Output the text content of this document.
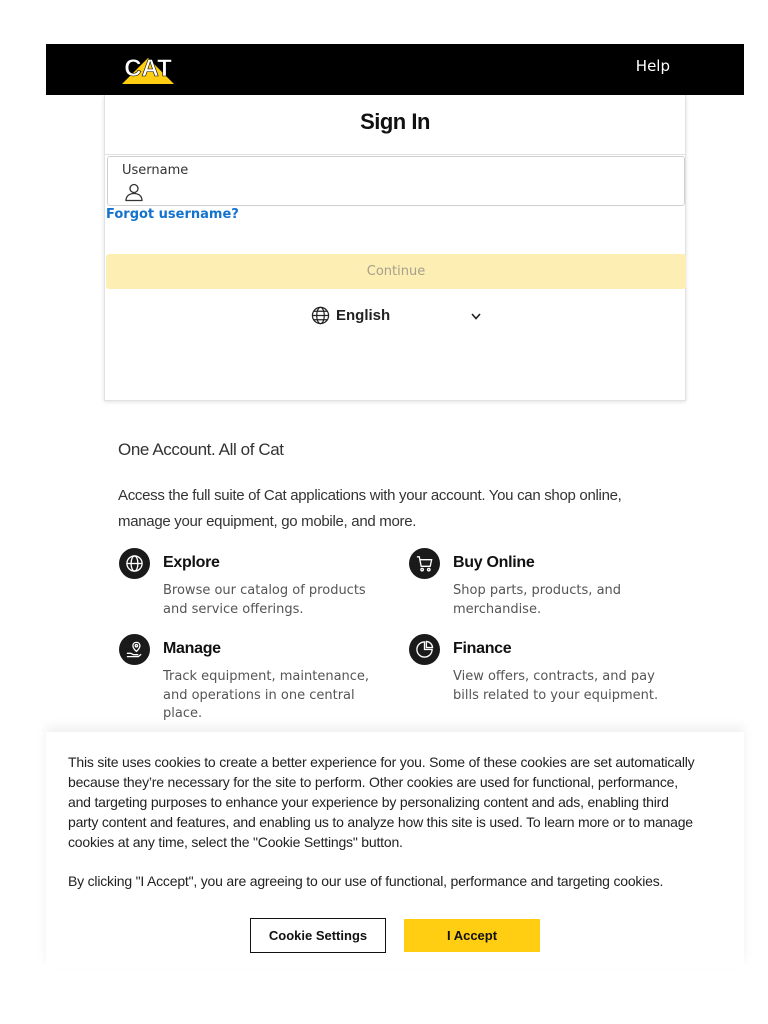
CAT	Help
Sign In
Username
Forgot username?
Continue
English
One Account. All of Cat
Access the full suite of Cat applications with your account. You can shop online, manage your equipment, go mobile, and more.
Explore
Browse our catalog of products and service offerings.
Buy Online
Shop parts, products, and merchandise.
Manage
Track equipment, maintenance, and operations in one central place.
Finance
View offers, contracts, and pay bills related to your equipment.

This site uses cookies to create a better experience for you. Some of these cookies are set automatically because they’re necessary for the site to perform. Other cookies are used for functional, performance, and targeting purposes to enhance your experience by personalizing content and ads, enabling third party content and features, and enabling us to analyze how this site is used. To learn more or to manage cookies at any time, select the "Cookie Settings" button.

By clicking "I Accept", you are agreeing to our use of functional, performance and targeting cookies.

Cookie Settings	I Accept
